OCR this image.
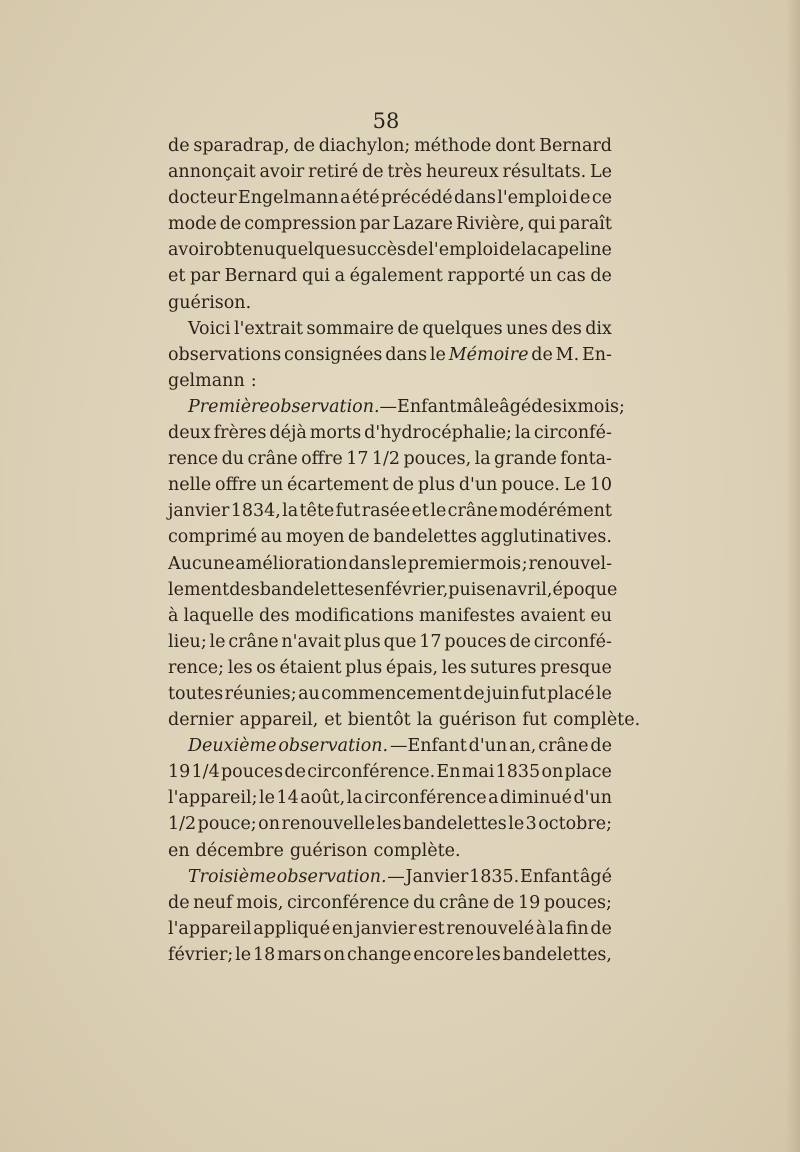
58
de sparadrap, de diachylon; méthode dont Bernard
annonçait avoir retiré de très heureux résultats. Le
docteur Engelmann a été précédé dans l'emploi de ce
mode de compression par Lazare Rivière, qui paraît
avoir obtenu quelque succès de l'emploi de la capeline
et par Bernard qui a également rapporté un cas de
guérison.
Voici l'extrait sommaire de quelques unes des dix
observations consignées dans le Mémoire de M. En-
gelmann :
Première observation. —Enfant mâle âgé de six mois;
deux frères déjà morts d'hydrocéphalie; la circonfé-
rence du crâne offre 17 1/2 pouces, la grande fonta-
nelle offre un écartement de plus d'un pouce. Le 10
janvier 1834, la tête fut rasée et le crâne modérément
comprimé au moyen de bandelettes agglutinatives.
Aucune amélioration dans le premier mois ; renouvel-
lement des bandelettes en février, puis en avril, époque
à laquelle des modifications manifestes avaient eu
lieu; le crâne n'avait plus que 17 pouces de circonfé-
rence; les os étaient plus épais, les sutures presque
toutes réunies; au commencement de juin fut placé le
dernier appareil, et bientôt la guérison fut complète.
Deuxième observation. —Enfant d'un an, crâne de
19 1/4 pouces de circonférence. En mai 1835 on place
l'appareil; le 14 août, la circonférence a diminué d'un
1/2 pouce; on renouvelle les bandelettes le 3 octobre;
en décembre guérison complète.
Troisième observation. — Janvier 1835. Enfant âgé
de neuf mois, circonférence du crâne de 19 pouces;
l'appareil appliqué en janvier est renouvelé à la fin de
février; le 18 mars on change encore les bandelettes,
